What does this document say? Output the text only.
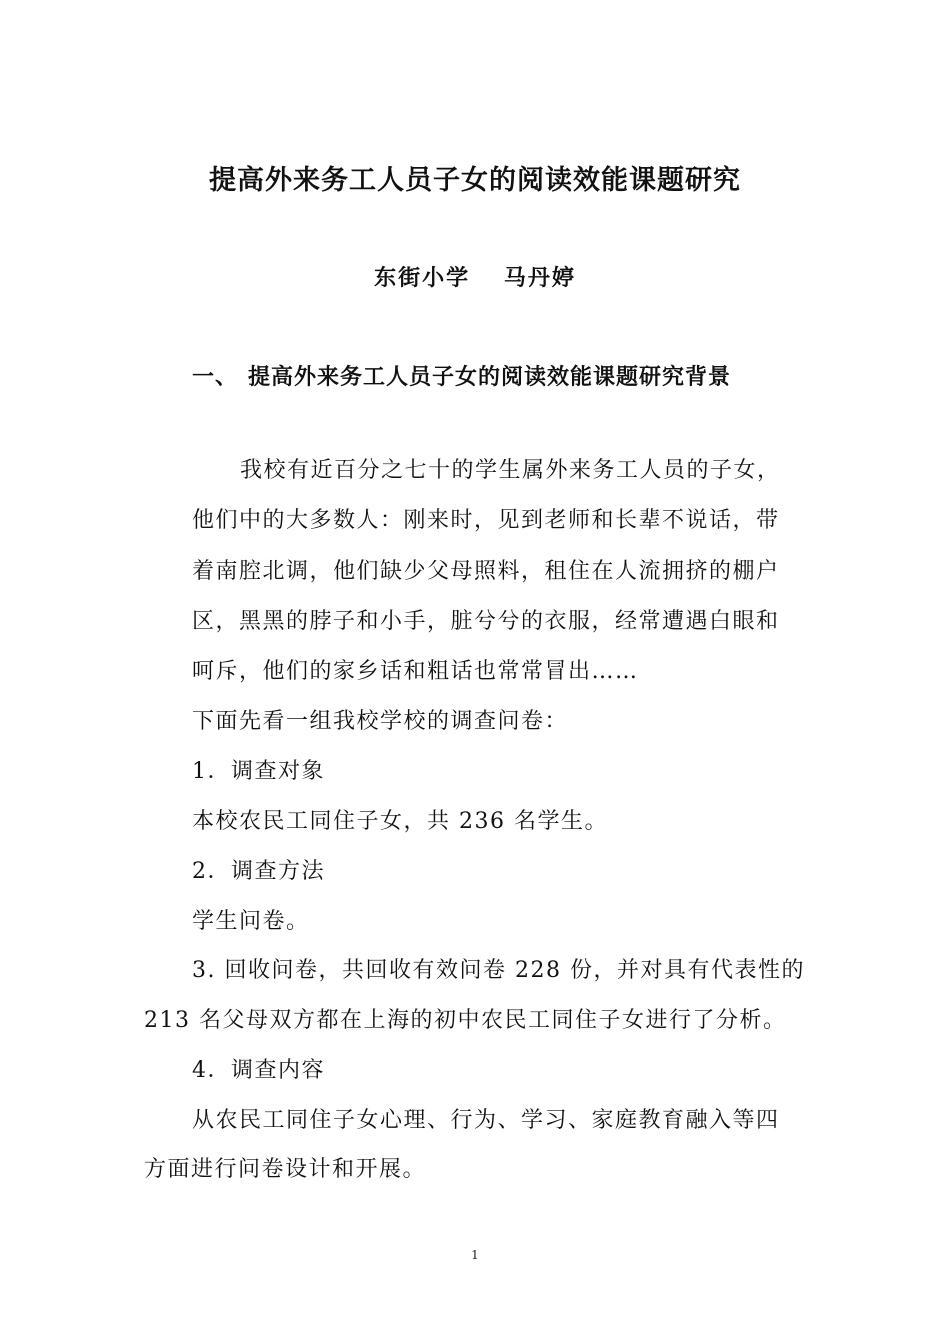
提高外来务工人员子女的阅读效能课题研究
东街小学　 马丹婷
一、 提高外来务工人员子女的阅读效能课题研究背景
我校有近百分之七十的学生属外来务工人员的子女，
他们中的大多数人：刚来时，见到老师和长辈不说话，带
着南腔北调，他们缺少父母照料，租住在人流拥挤的棚户
区，黑黑的脖子和小手，脏兮兮的衣服，经常遭遇白眼和
呵斥，他们的家乡话和粗话也常常冒出……
下面先看一组我校学校的调查问卷：
1．调查对象
本校农民工同住子女，共 236 名学生。
2．调查方法
学生问卷。
3. 回收问卷，共回收有效问卷 228 份，并对具有代表性的
213 名父母双方都在上海的初中农民工同住子女进行了分析。
4．调查内容
从农民工同住子女心理、行为、学习、家庭教育融入等四
方面进行问卷设计和开展。
1
